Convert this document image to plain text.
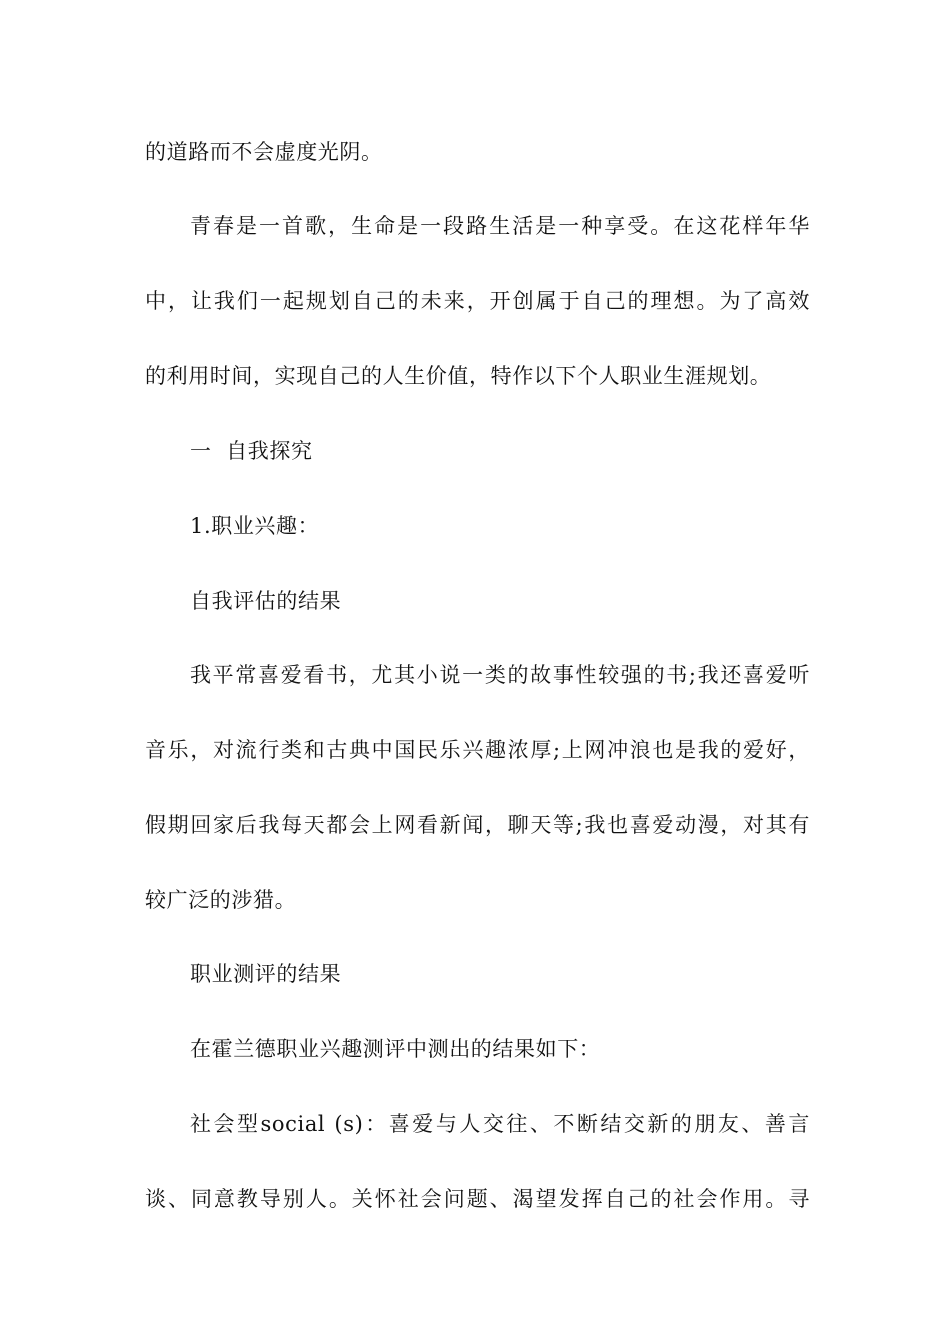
的道路而不会虚度光阴。
青春是一首歌，生命是一段路生活是一种享受。在这花样年华
中，让我们一起规划自己的未来，开创属于自己的理想。为了高效
的利用时间，实现自己的人生价值，特作以下个人职业生涯规划。
一  自我探究
1.职业兴趣：
自我评估的结果
我平常喜爱看书，尤其小说一类的故事性较强的书;我还喜爱听
音乐，对流行类和古典中国民乐兴趣浓厚;上网冲浪也是我的爱好，
假期回家后我每天都会上网看新闻，聊天等;我也喜爱动漫，对其有
较广泛的涉猎。
职业测评的结果
在霍兰德职业兴趣测评中测出的结果如下：
社会型social (s)：喜爱与人交往、不断结交新的朋友、善言
谈、同意教导别人。关怀社会问题、渴望发挥自己的社会作用。寻
